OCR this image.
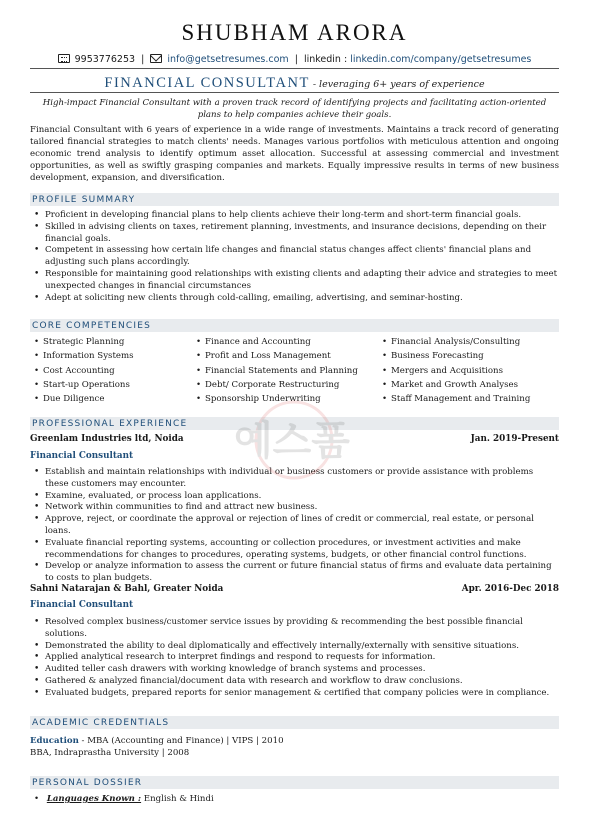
SHUBHAM ARORA
9953776253 | info@getsetresumes.com | linkedin : linkedin.com/company/getsetresumes
FINANCIAL CONSULTANT - leveraging 6+ years of experience
High-impact Financial Consultant with a proven track record of identifying projects and facilitating action-oriented plans to help companies achieve their goals.
Financial Consultant with 6 years of experience in a wide range of investments. Maintains a track record of generating tailored financial strategies to match clients' needs. Manages various portfolios with meticulous attention and ongoing economic trend analysis to identify optimum asset allocation. Successful at assessing commercial and investment opportunities, as well as swiftly grasping companies and markets. Equally impressive results in terms of new business development, expansion, and diversification.
PROFILE SUMMARY
• Proficient in developing financial plans to help clients achieve their long-term and short-term financial goals.
• Skilled in advising clients on taxes, retirement planning, investments, and insurance decisions, depending on their financial goals.
• Competent in assessing how certain life changes and financial status changes affect clients' financial plans and adjusting such plans accordingly.
• Responsible for maintaining good relationships with existing clients and adapting their advice and strategies to meet unexpected changes in financial circumstances
• Adept at soliciting new clients through cold-calling, emailing, advertising, and seminar-hosting.
CORE COMPETENCIES
• Strategic Planning
• Information Systems
• Cost Accounting
• Start-up Operations
• Due Diligence
• Finance and Accounting
• Profit and Loss Management
• Financial Statements and Planning
• Debt/ Corporate Restructuring
• Sponsorship Underwriting
• Financial Analysis/Consulting
• Business Forecasting
• Mergers and Acquisitions
• Market and Growth Analyses
• Staff Management and Training
PROFESSIONAL EXPERIENCE
Greenlam Industries ltd, Noida	Jan. 2019-Present
Financial Consultant
• Establish and maintain relationships with individual or business customers or provide assistance with problems these customers may encounter.
• Examine, evaluated, or process loan applications.
• Network within communities to find and attract new business.
• Approve, reject, or coordinate the approval or rejection of lines of credit or commercial, real estate, or personal loans.
• Evaluate financial reporting systems, accounting or collection procedures, or investment activities and make recommendations for changes to procedures, operating systems, budgets, or other financial control functions.
• Develop or analyze information to assess the current or future financial status of firms and evaluate data pertaining to costs to plan budgets.
Sahni Natarajan & Bahl, Greater Noida	Apr. 2016-Dec 2018
Financial Consultant
• Resolved complex business/customer service issues by providing & recommending the best possible financial solutions.
• Demonstrated the ability to deal diplomatically and effectively internally/externally with sensitive situations.
• Applied analytical research to interpret findings and respond to requests for information.
• Audited teller cash drawers with working knowledge of branch systems and processes.
• Gathered & analyzed financial/document data with research and workflow to draw conclusions.
• Evaluated budgets, prepared reports for senior management & certified that company policies were in compliance.
ACADEMIC CREDENTIALS
Education - MBA (Accounting and Finance) | VIPS | 2010
BBA, Indraprastha University | 2008
PERSONAL DOSSIER
• Languages Known : English & Hindi
예스폼
